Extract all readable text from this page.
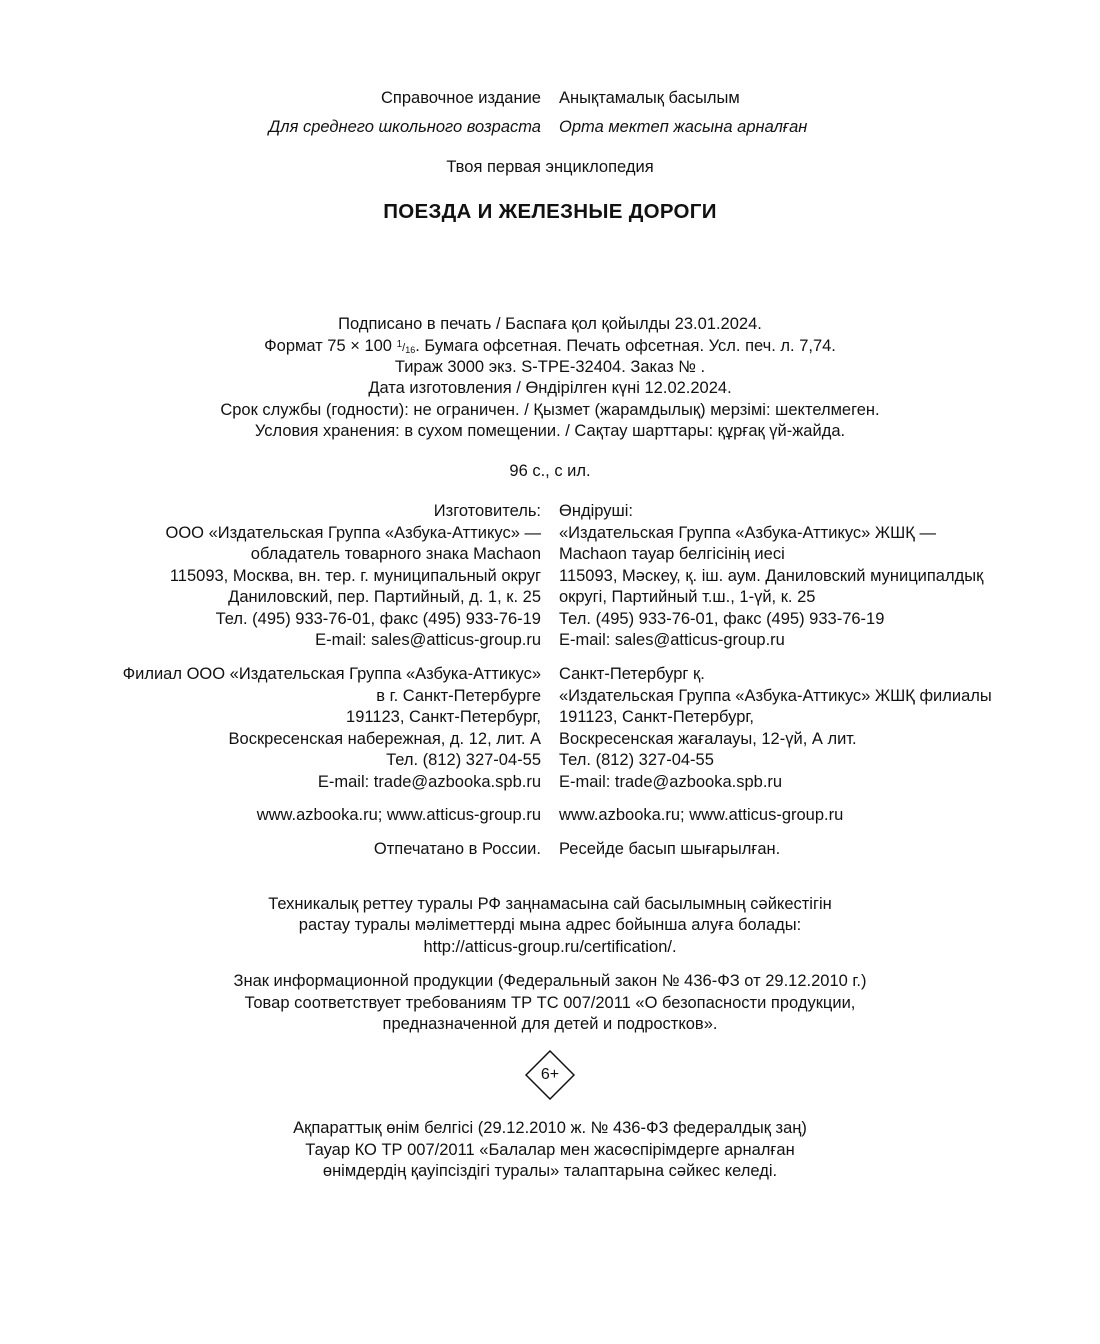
Справочное издание Анықтамалық басылым
Для среднего школьного возраста Орта мектеп жасына арналған
Твоя первая энциклопедия
ПОЕЗДА И ЖЕЛЕЗНЫЕ ДОРОГИ
Подписано в печать / Баспаға қол қойылды 23.01.2024.
Формат 75 × 100 $^1/_{16}$. Бумага офсетная. Печать офсетная. Усл. печ. л. 7,74.
Тираж 3000 экз. S-TPE-32404. Заказ № .
Дата изготовления / Өндірілген күні 12.02.2024.
Срок службы (годности): не ограничен. / Қызмет (жарамдылық) мерзімі: шектелмеген.
Условия хранения: в сухом помещении. / Сақтау шарттары: құрғақ үй-жайда.
96 с., с ил.
Изготовитель:
ООО «Издательская Группа «Азбука-Аттикус» —
обладатель товарного знака Machaon
115093, Москва, вн. тер. г. муниципальный округ
Даниловский, пер. Партийный, д. 1, к. 25
Тел. (495) 933-76-01, факс (495) 933-76-19
E-mail: sales@atticus-group.ru
Өндіруші:
«Издательская Группа «Азбука-Аттикус» ЖШҚ —
Machaon тауар белгісінің иесі
115093, Мәскеу, қ. іш. аум. Даниловский муниципалдық
округі, Партийный т.ш., 1-үй, к. 25
Тел. (495) 933-76-01, факс (495) 933-76-19
E-mail: sales@atticus-group.ru
Филиал ООО «Издательская Группа «Азбука-Аттикус»
в г. Санкт-Петербурге
191123, Санкт-Петербург,
Воскресенская набережная, д. 12, лит. А
Тел. (812) 327-04-55
E-mail: trade@azbooka.spb.ru
Санкт-Петербург қ.
«Издательская Группа «Азбука-Аттикус» ЖШҚ филиалы
191123, Санкт-Петербург,
Воскресенская жағалауы, 12-үй, А лит.
Тел. (812) 327-04-55
E-mail: trade@azbooka.spb.ru
www.azbooka.ru; www.atticus-group.ru www.azbooka.ru; www.atticus-group.ru
Отпечатано в России. Ресейде басып шығарылған.
Техникалық реттеу туралы РФ заңнамасына сай басылымның сәйкестігін
растау туралы мәліметтерді мына адрес бойынша алуға болады:
http://atticus-group.ru/certification/.
Знак информационной продукции (Федеральный закон № 436-ФЗ от 29.12.2010 г.)
Товар соответствует требованиям ТР ТС 007/2011 «О безопасности продукции,
предназначенной для детей и подростков».
6+
Ақпараттық өнім белгісі (29.12.2010 ж. № 436-ФЗ федералдық заң)
Тауар КО ТР 007/2011 «Балалар мен жасөспірімдерге арналған
өнімдердің қауіпсіздігі туралы» талаптарына сәйкес келеді.
